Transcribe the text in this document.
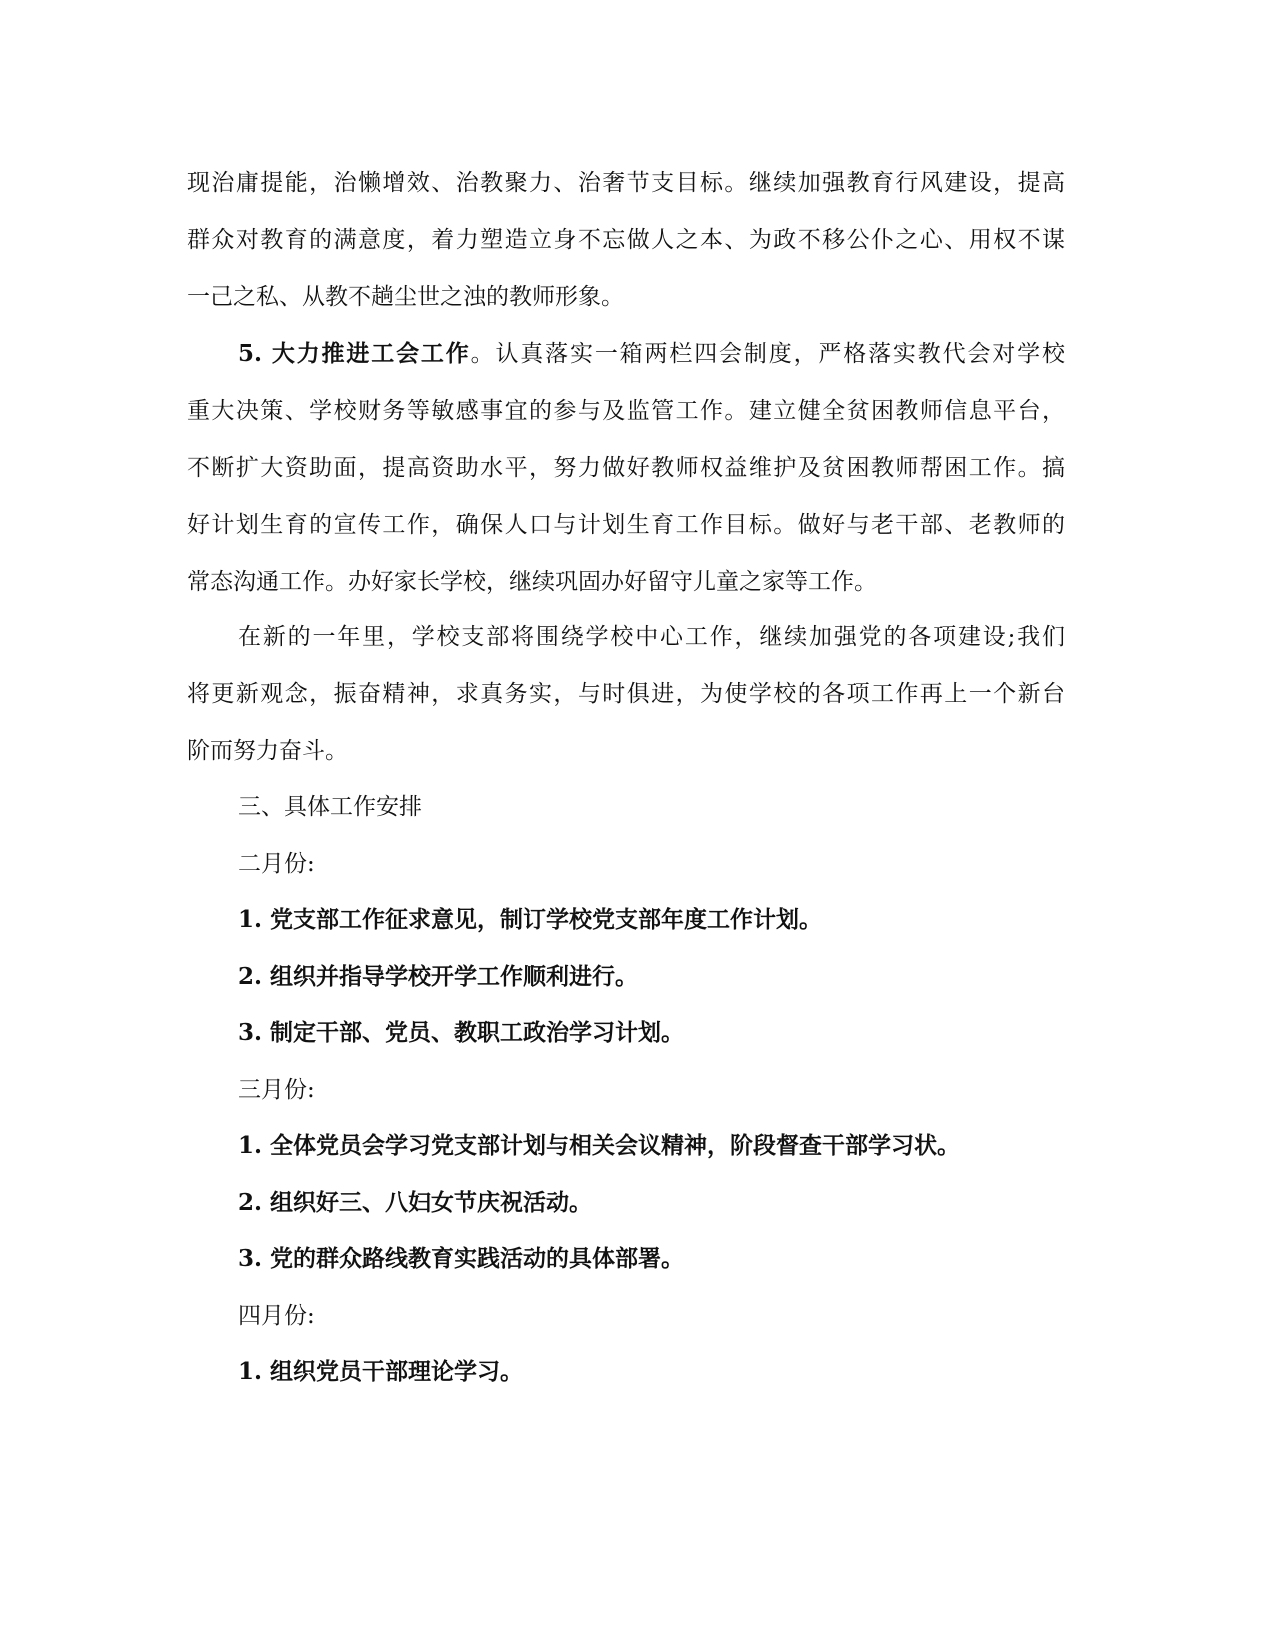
现治庸提能，治懒增效、治教聚力、治奢节支目标。继续加强教育行风建设，提高
群众对教育的满意度，着力塑造立身不忘做人之本、为政不移公仆之心、用权不谋
一己之私、从教不趟尘世之浊的教师形象。
5. 大力推进工会工作。认真落实一箱两栏四会制度，严格落实教代会对学校
重大决策、学校财务等敏感事宜的参与及监管工作。建立健全贫困教师信息平台，
不断扩大资助面，提高资助水平，努力做好教师权益维护及贫困教师帮困工作。搞
好计划生育的宣传工作，确保人口与计划生育工作目标。做好与老干部、老教师的
常态沟通工作。办好家长学校，继续巩固办好留守儿童之家等工作。
在新的一年里，学校支部将围绕学校中心工作，继续加强党的各项建设;我们
将更新观念，振奋精神，求真务实，与时俱进，为使学校的各项工作再上一个新台
阶而努力奋斗。
三、具体工作安排
二月份:
1. 党支部工作征求意见，制订学校党支部年度工作计划。
2. 组织并指导学校开学工作顺利进行。
3. 制定干部、党员、教职工政治学习计划。
三月份:
1. 全体党员会学习党支部计划与相关会议精神，阶段督查干部学习状。
2. 组织好三、八妇女节庆祝活动。
3. 党的群众路线教育实践活动的具体部署。
四月份:
1. 组织党员干部理论学习。
